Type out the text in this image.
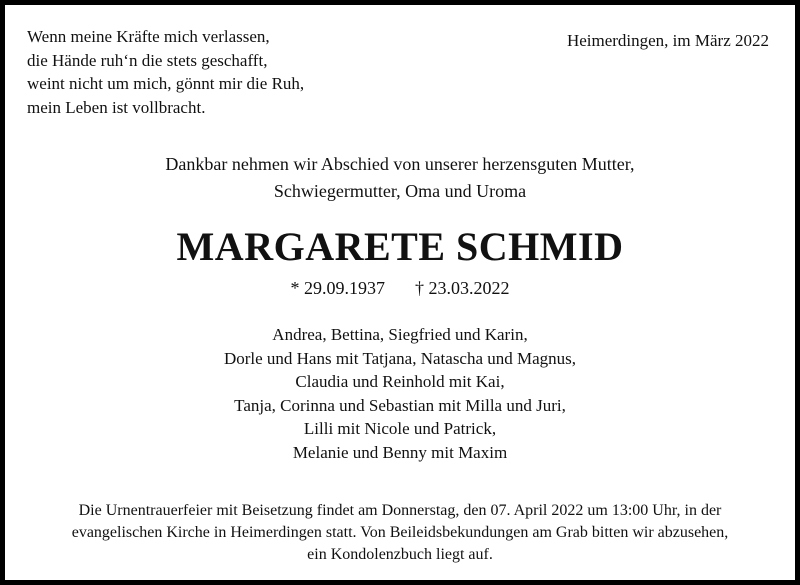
Wenn meine Kräfte mich verlassen,
die Hände ruh‘n die stets geschafft,
weint nicht um mich, gönnt mir die Ruh,
mein Leben ist vollbracht.
Heimerdingen, im März 2022
Dankbar nehmen wir Abschied von unserer herzensguten Mutter,
Schwiegermutter, Oma und Uroma
MARGARETE SCHMID
* 29.09.1937 † 23.03.2022
Andrea, Bettina, Siegfried und Karin,
Dorle und Hans mit Tatjana, Natascha und Magnus,
Claudia und Reinhold mit Kai,
Tanja, Corinna und Sebastian mit Milla und Juri,
Lilli mit Nicole und Patrick,
Melanie und Benny mit Maxim
Die Urnentrauerfeier mit Beisetzung findet am Donnerstag, den 07. April 2022 um 13:00 Uhr, in der
evangelischen Kirche in Heimerdingen statt. Von Beileidsbekundungen am Grab bitten wir abzusehen,
ein Kondolenzbuch liegt auf.
